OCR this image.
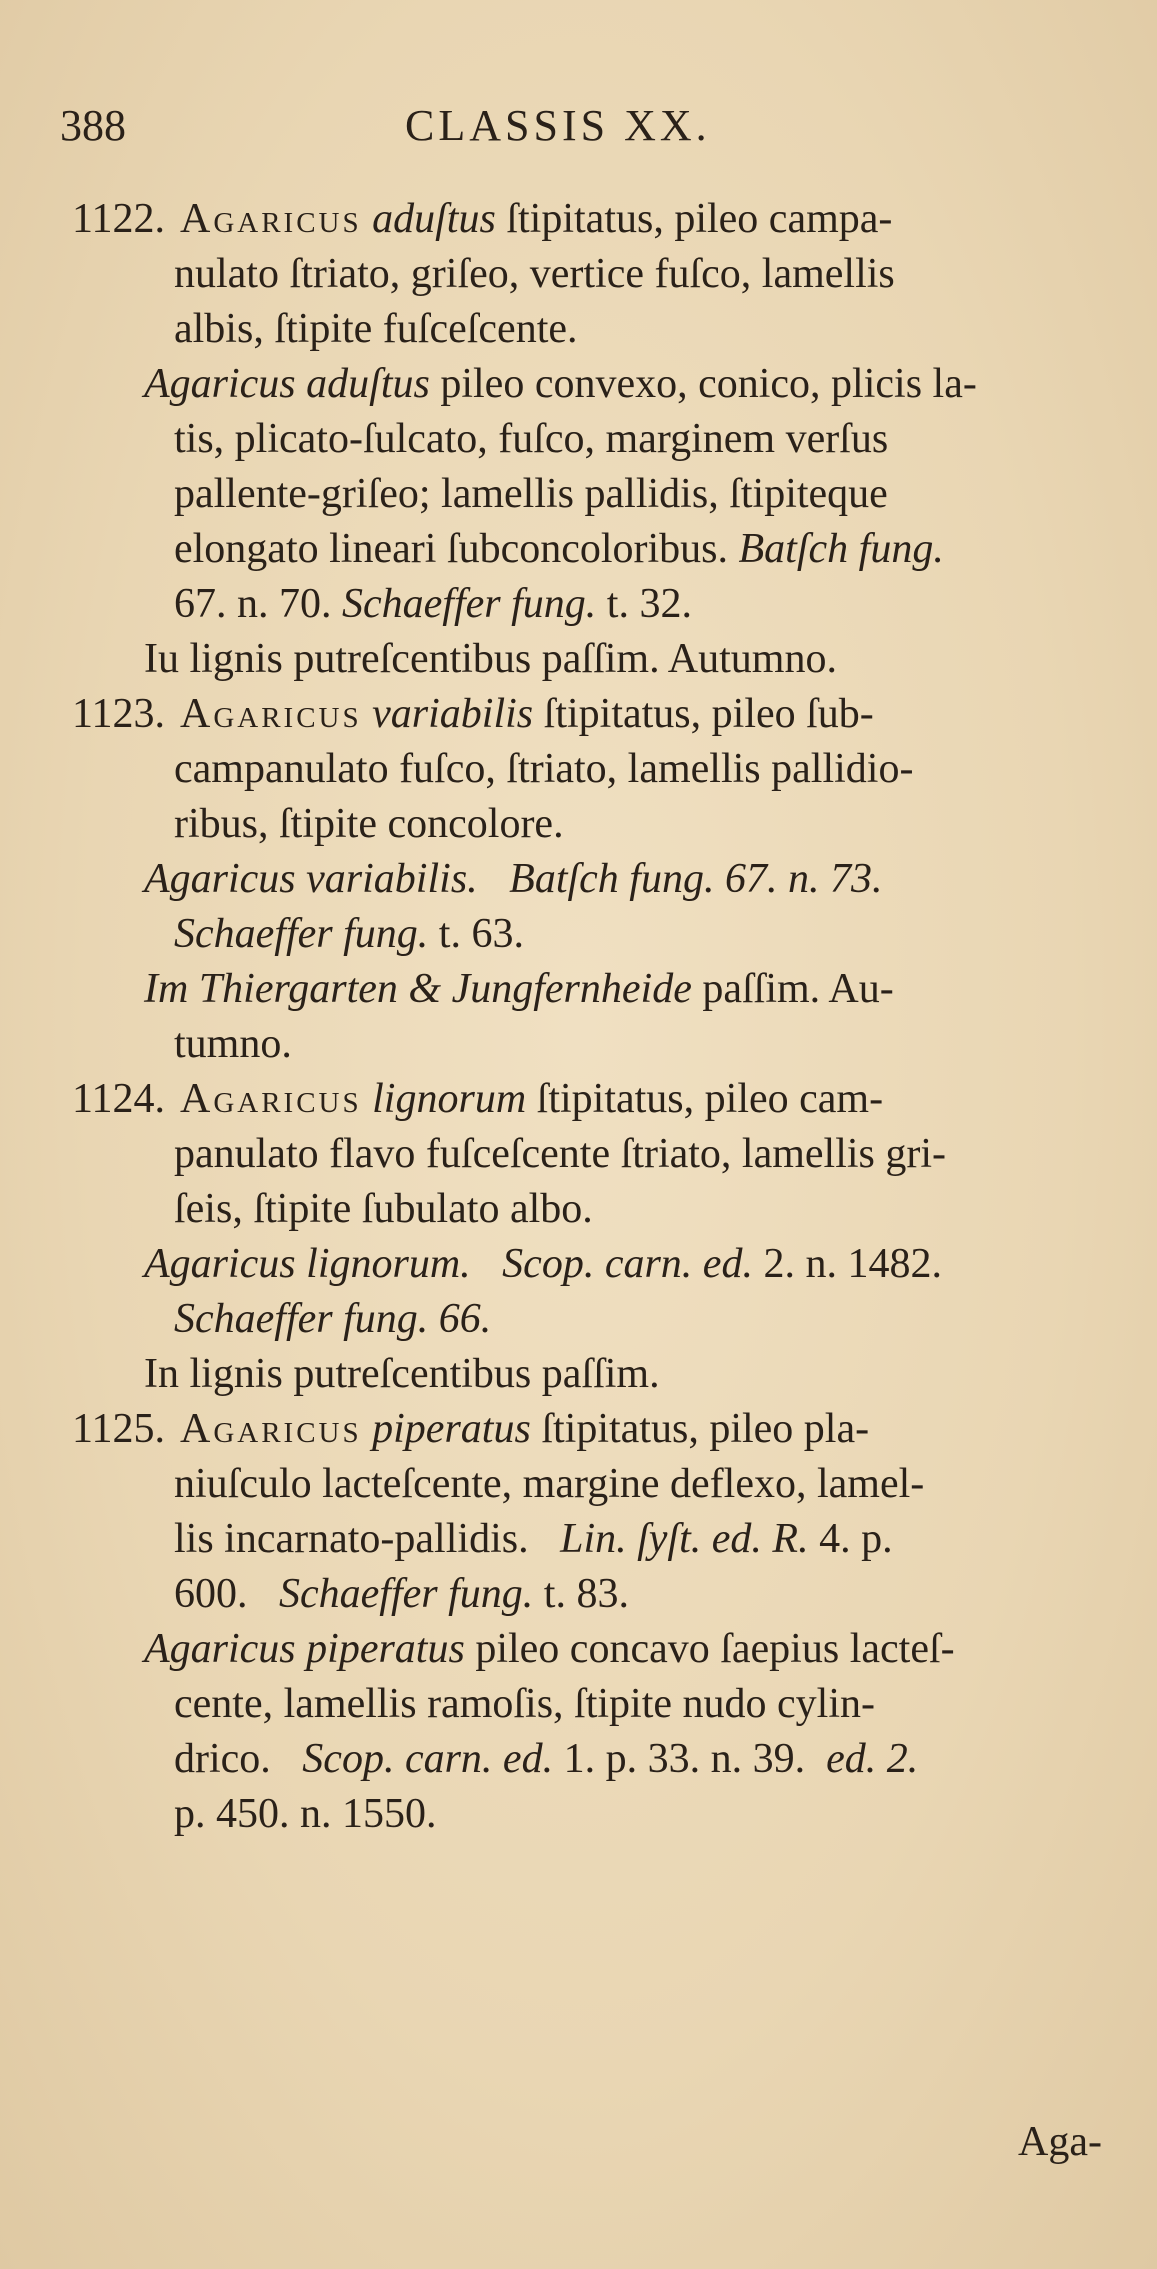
388	CLASSIS XX.
1122. Agaricus aduſtus ſtipitatus, pileo campa-
nulato ſtriato, griſeo, vertice fuſco, lamellis
albis, ſtipite fuſceſcente.
Agaricus aduſtus pileo convexo, conico, plicis la-
tis, plicato-ſulcato, fuſco, marginem verſus
pallente-griſeo; lamellis pallidis, ſtipiteque
elongato lineari ſubconcoloribus. Batſch fung.
67. n. 70. Schaeffer fung. t. 32.
Iu lignis putreſcentibus paſſim. Autumno.
1123. Agaricus variabilis ſtipitatus, pileo ſub-
campanulato fuſco, ſtriato, lamellis pallidio-
ribus, ſtipite concolore.
Agaricus variabilis. Batſch fung. 67. n. 73.
Schaeffer fung. t. 63.
Im Thiergarten & Jungfernheide paſſim. Au-
tumno.
1124. Agaricus lignorum ſtipitatus, pileo cam-
panulato flavo fuſceſcente ſtriato, lamellis gri-
ſeis, ſtipite ſubulato albo.
Agaricus lignorum. Scop. carn. ed. 2. n. 1482.
Schaeffer fung. 66.
In lignis putreſcentibus paſſim.
1125. Agaricus piperatus ſtipitatus, pileo pla-
niuſculo lactеſcente, margine deflexo, lamel-
lis incarnato-pallidis. Lin. ſyſt. ed. R. 4. p.
600. Schaeffer fung. t. 83.
Agaricus piperatus pileo concavo ſaepius lacteſ-
cente, lamellis ramoſis, ſtipite nudo cylin-
drico. Scop. carn. ed. 1. p. 33. n. 39. ed. 2.
p. 450. n. 1550.
Aga-
